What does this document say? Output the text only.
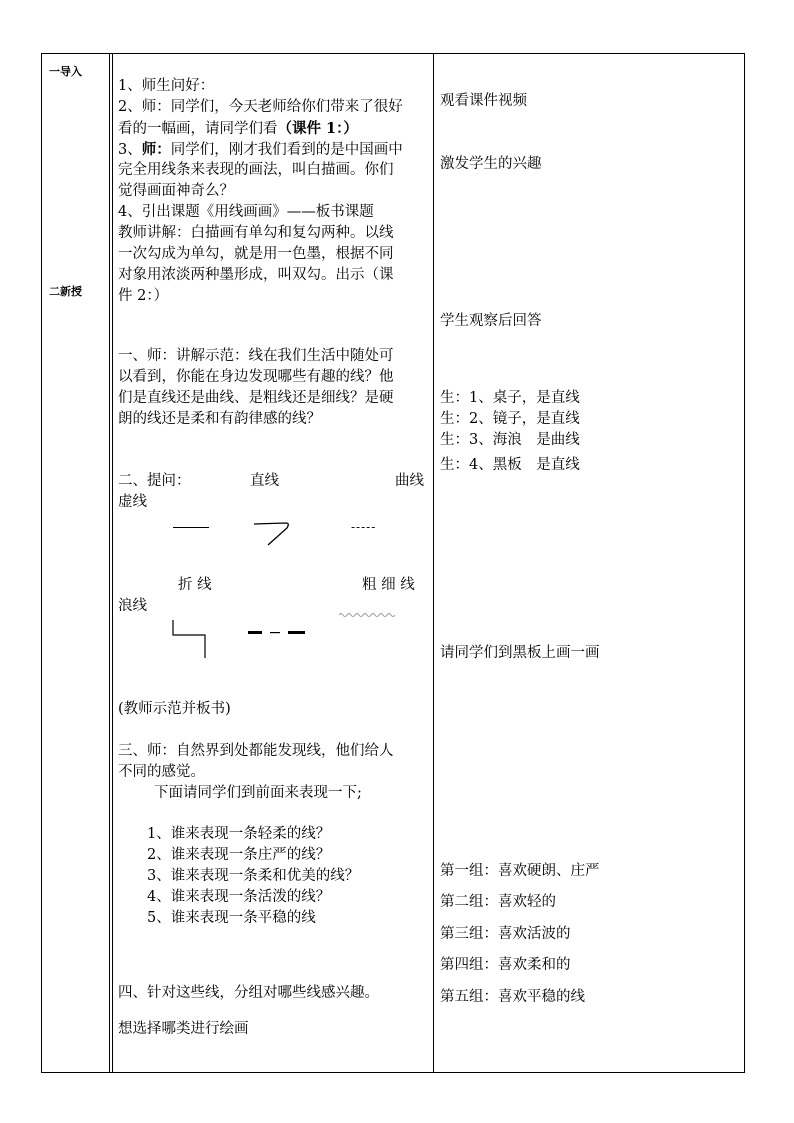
一导入
二新授
1、师生问好：
2、师：同学们，今天老师给你们带来了很好
看的一幅画，请同学们看（课件 1：）
3、师：同学们，刚才我们看到的是中国画中
完全用线条来表现的画法，叫白描画。你们
觉得画面神奇么？
4、引出课题《用线画画》——板书课题
教师讲解：白描画有单勾和复勾两种。以线
一次勾成为单勾，就是用一色墨，根据不同
对象用浓淡两种墨形成，叫双勾。出示（课
件 2：）
一、师：讲解示范：线在我们生活中随处可
以看到，你能在身边发现哪些有趣的线？他
们是直线还是曲线、是粗线还是细线？是硬
朗的线还是柔和有韵律感的线？
二、提问：	直线	曲线
虚线
-----
折 线	粗 细 线
浪线
(教师示范并板书)
三、师：自然界到处都能发现线，他们给人
不同的感觉。
下面请同学们到前面来表现一下;
1、谁来表现一条轻柔的线？
2、谁来表现一条庄严的线？
3、谁来表现一条柔和优美的线？
4、谁来表现一条活泼的线？
5、谁来表现一条平稳的线
四、针对这些线，分组对哪些线感兴趣。
想选择哪类进行绘画
观看课件视频
激发学生的兴趣
学生观察后回答
生：1、桌子，是直线
生：2、镜子，是直线
生：3、海浪　是曲线
生：4、黑板　是直线
请同学们到黑板上画一画
第一组：喜欢硬朗、庄严
第二组：喜欢轻的
第三组：喜欢活波的
第四组：喜欢柔和的
第五组：喜欢平稳的线
